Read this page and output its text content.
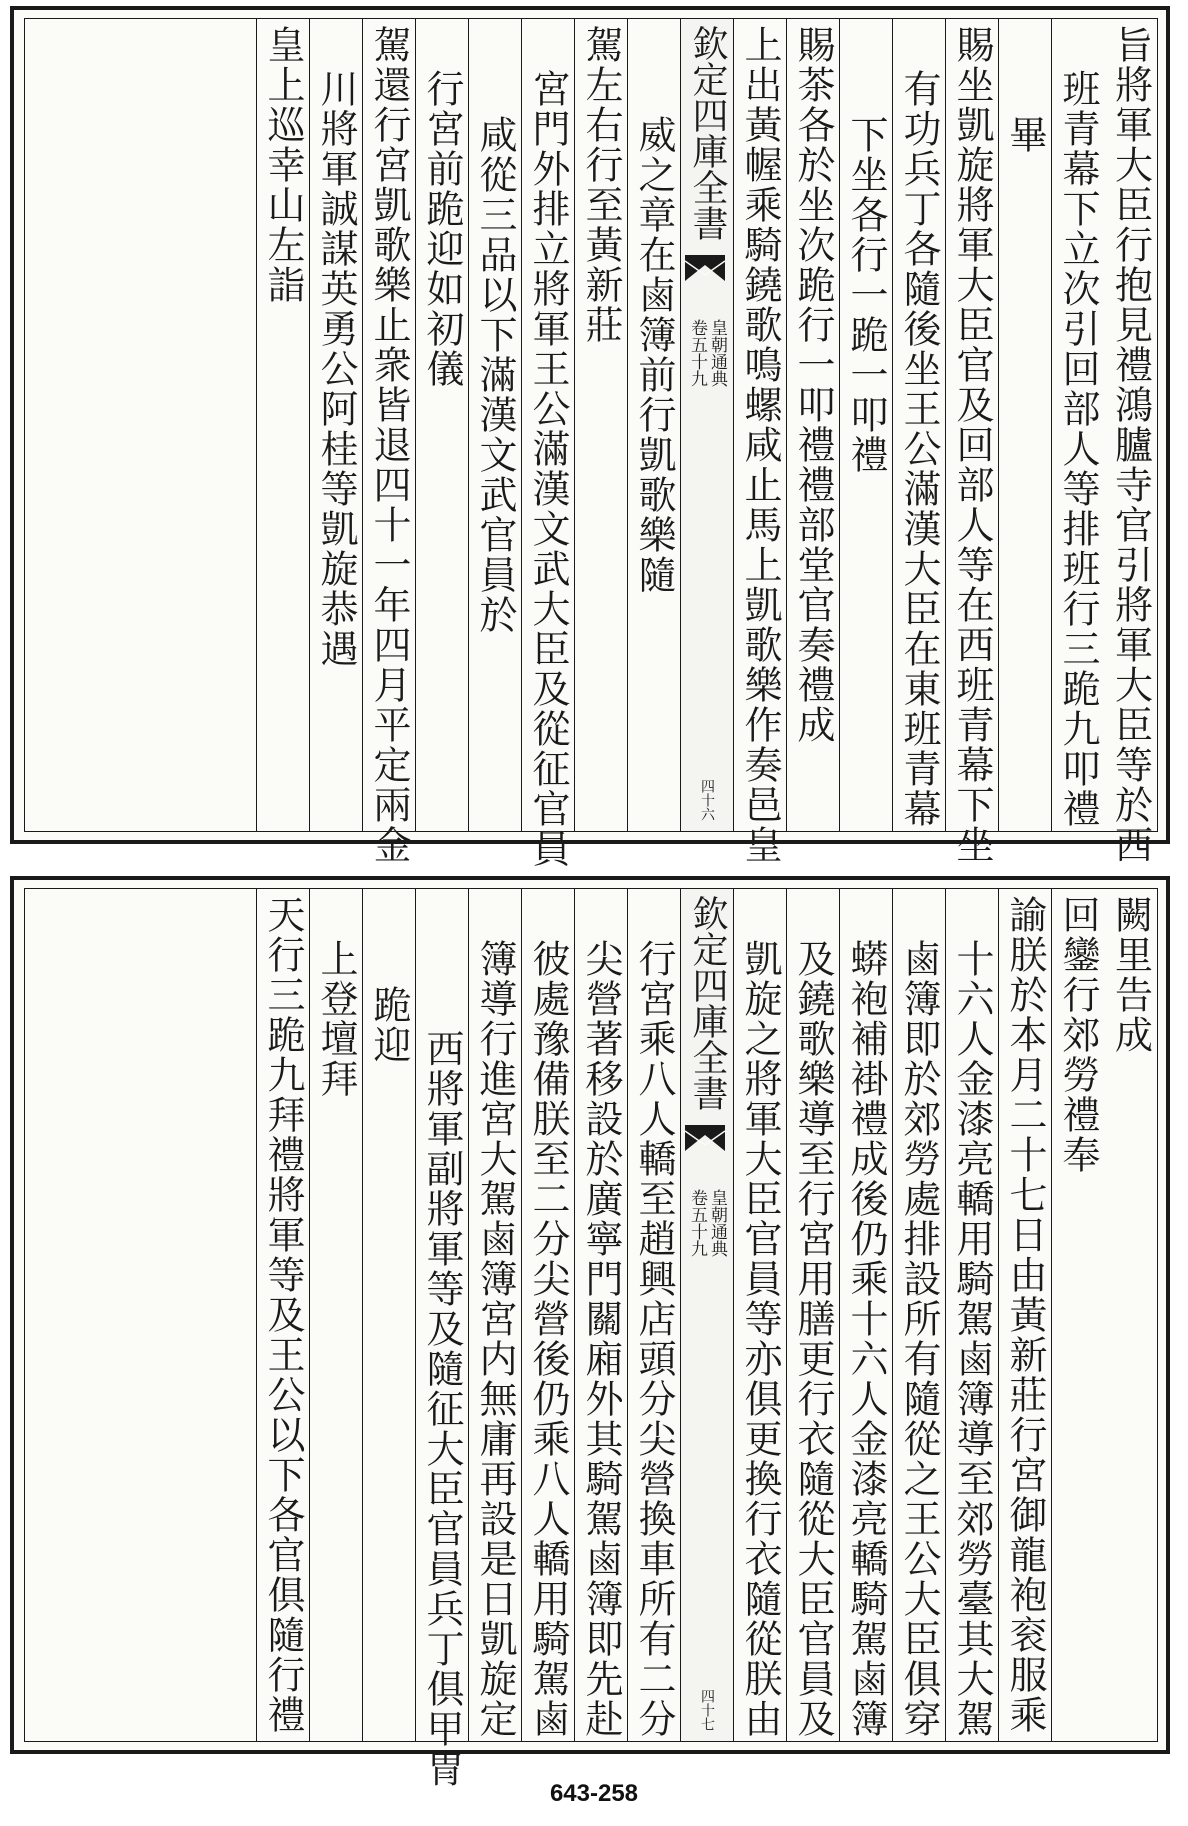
旨將軍大臣行抱見禮鴻臚寺官引將軍大臣等於西
班青幕下立次引回部人等排班行三跪九叩禮
畢
賜坐凱旋將軍大臣官及回部人等在西班青幕下坐
有功兵丁各隨後坐王公滿漢大臣在東班青幕
下坐各行一跪一叩禮
賜茶各於坐次跪行一叩禮禮部堂官奏禮成
上出黃幄乘騎鐃歌鳴螺咸止馬上凱歌樂作奏邑皇
欽定四庫全書
皇朝通典
卷五十九
四十六
威之章在鹵簿前行凱歌樂隨
駕左右行至黃新莊
宮門外排立將軍王公滿漢文武大臣及從征官員
咸從三品以下滿漢文武官員於
行宮前跪迎如初儀
駕還行宮凱歌樂止衆皆退四十一年四月平定兩金
川將軍誠謀英勇公阿桂等凱旋恭遇
皇上巡幸山左詣
闕里告成
回鑾行郊勞禮奉
諭朕於本月二十七日由黃新莊行宮御龍袍衮服乘
十六人金漆亮轎用騎駕鹵簿導至郊勞臺其大駕
鹵簿即於郊勞處排設所有隨從之王公大臣俱穿
蟒袍補褂禮成後仍乘十六人金漆亮轎騎駕鹵簿
及鐃歌樂導至行宮用膳更行衣隨從大臣官員及
凱旋之將軍大臣官員等亦俱更換行衣隨從朕由
欽定四庫全書
皇朝通典
卷五十九
四十七
行宮乘八人轎至趙興店頭分尖營換車所有二分
尖營著移設於廣寧門關廂外其騎駕鹵簿即先赴
彼處豫備朕至二分尖營後仍乘八人轎用騎駕鹵
簿導行進宮大駕鹵簿宮内無庸再設是日凱旋定
西將軍副將軍等及隨征大臣官員兵丁俱甲冑
跪迎
上登壇拜
天行三跪九拜禮將軍等及王公以下各官俱隨行禮
643-258
